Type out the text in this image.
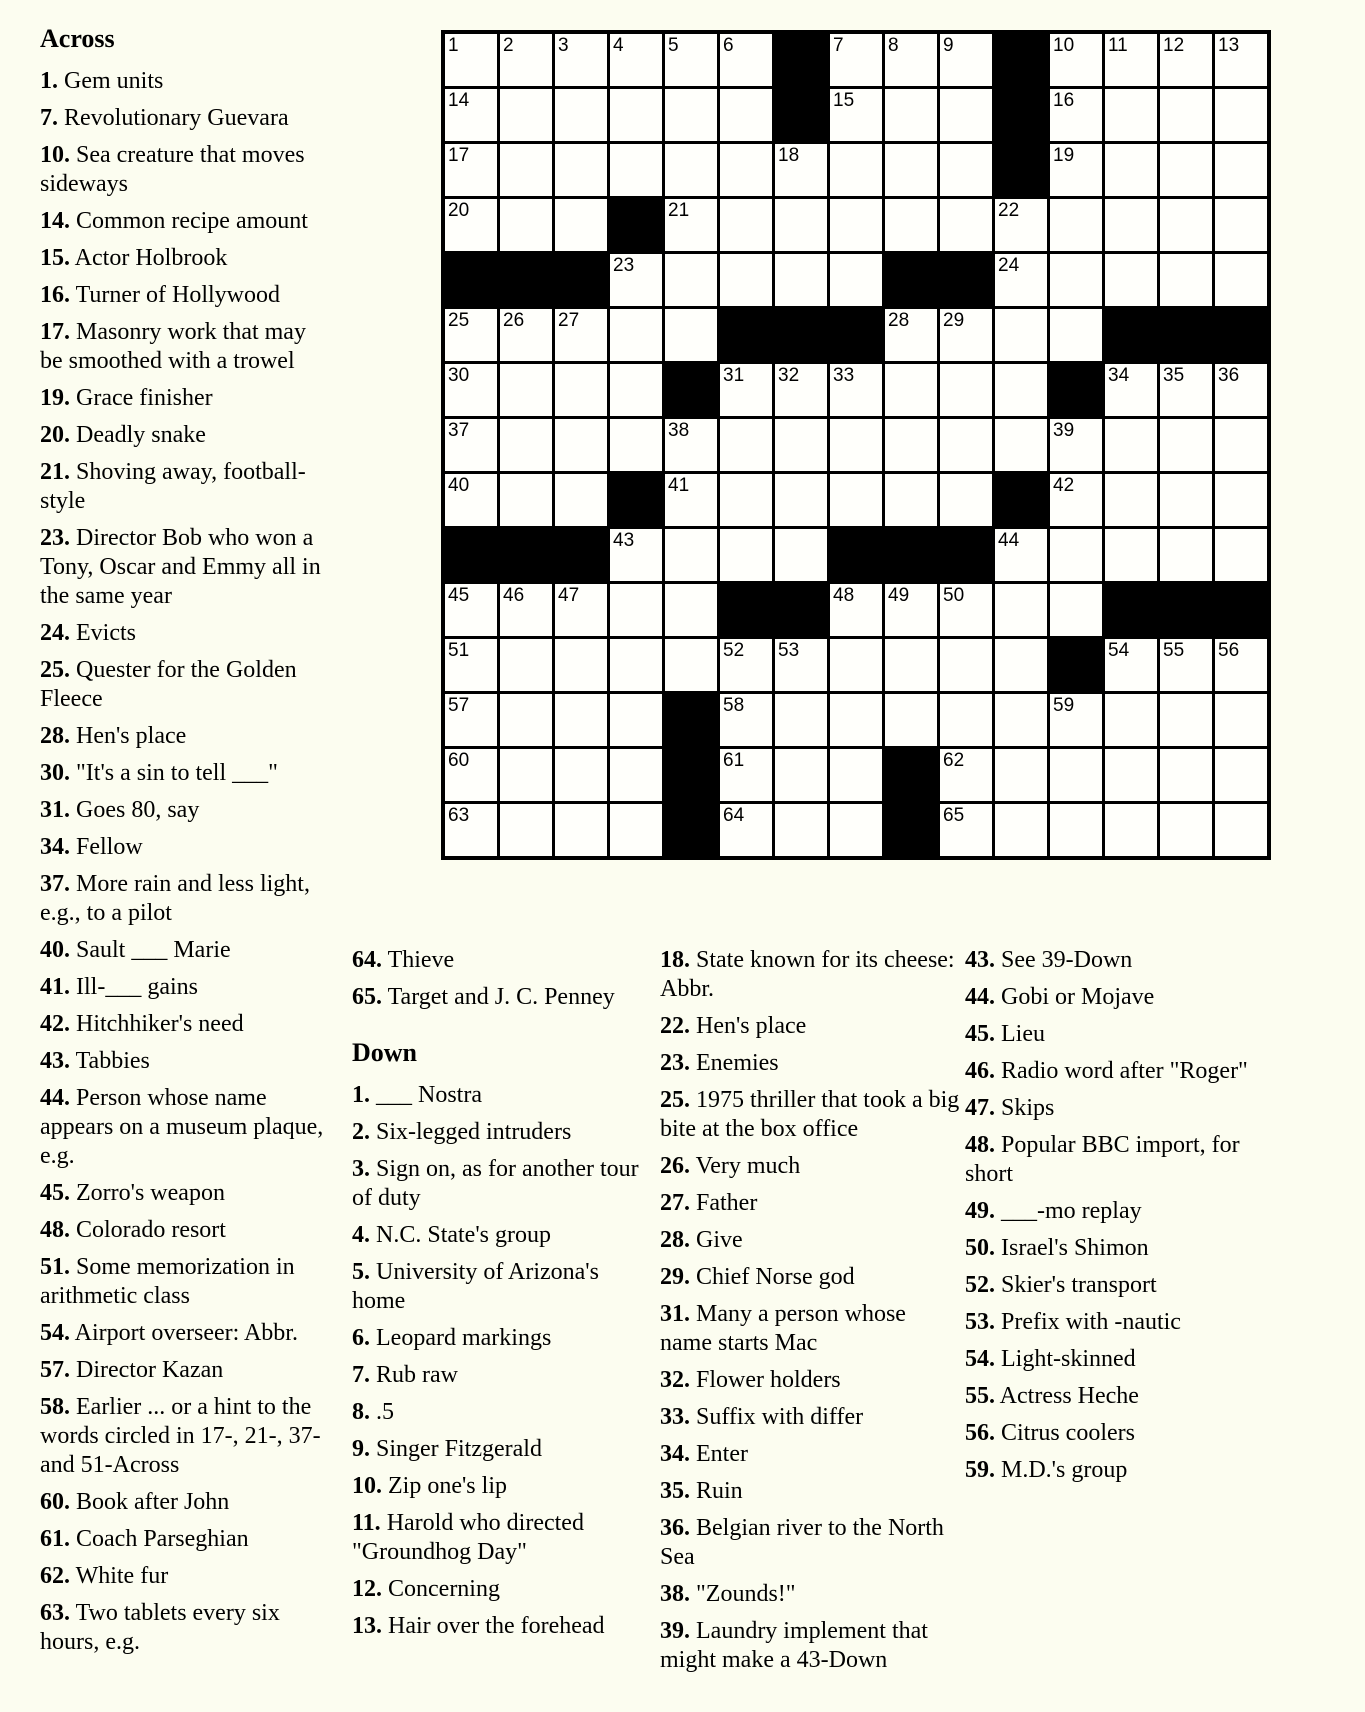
1 2 3 4 5 6	7 8 9	10 11 12 13
14	15	16
17	18	19
20	21	22
23	24
25 26 27	28 29
30	31 32 33	34 35 36
37	38	39
40	41	42
43	44
45 46 47	48 49 50
51	52 53	54 55 56
57	58	59
60	61	62
63	64	65
Across
1. Gem units
7. Revolutionary Guevara
10. Sea creature that moves sideways
14. Common recipe amount
15. Actor Holbrook
16. Turner of Hollywood
17. Masonry work that may be smoothed with a trowel
19. Grace finisher
20. Deadly snake
21. Shoving away, football-style
23. Director Bob who won a Tony, Oscar and Emmy all in the same year
24. Evicts
25. Quester for the Golden Fleece
28. Hen's place
30. "It's a sin to tell ___"
31. Goes 80, say
34. Fellow
37. More rain and less light, e.g., to a pilot
40. Sault ___ Marie
41. Ill-___ gains
42. Hitchhiker's need
43. Tabbies
44. Person whose name appears on a museum plaque, e.g.
45. Zorro's weapon
48. Colorado resort
51. Some memorization in arithmetic class
54. Airport overseer: Abbr.
57. Director Kazan
58. Earlier ... or a hint to the words circled in 17-, 21-, 37- and 51-Across
60. Book after John
61. Coach Parseghian
62. White fur
63. Two tablets every six hours, e.g.
64. Thieve
65. Target and J. C. Penney
Down
1. ___ Nostra
2. Six-legged intruders
3. Sign on, as for another tour of duty
4. N.C. State's group
5. University of Arizona's home
6. Leopard markings
7. Rub raw
8. .5
9. Singer Fitzgerald
10. Zip one's lip
11. Harold who directed "Groundhog Day"
12. Concerning
13. Hair over the forehead
18. State known for its cheese: Abbr.
22. Hen's place
23. Enemies
25. 1975 thriller that took a big bite at the box office
26. Very much
27. Father
28. Give
29. Chief Norse god
31. Many a person whose name starts Mac
32. Flower holders
33. Suffix with differ
34. Enter
35. Ruin
36. Belgian river to the North Sea
38. "Zounds!"
39. Laundry implement that might make a 43-Down
43. See 39-Down
44. Gobi or Mojave
45. Lieu
46. Radio word after "Roger"
47. Skips
48. Popular BBC import, for short
49. ___-mo replay
50. Israel's Shimon
52. Skier's transport
53. Prefix with -nautic
54. Light-skinned
55. Actress Heche
56. Citrus coolers
59. M.D.'s group
